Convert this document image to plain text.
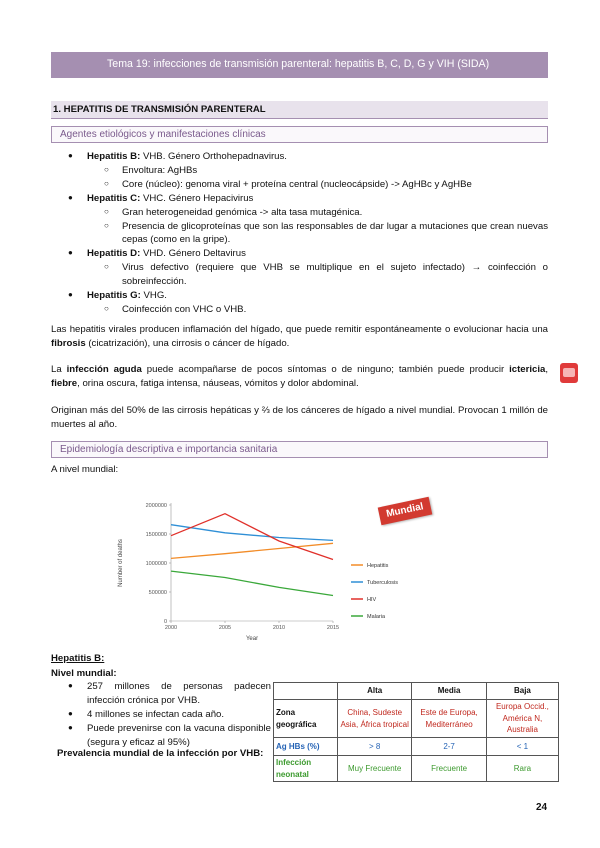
Tema 19: infecciones de transmisión parenteral: hepatitis B, C, D, G y VIH (SIDA)
1. HEPATITIS DE TRANSMISIÓN PARENTERAL
Agentes etiológicos y manifestaciones clínicas
● Hepatitis B: VHB. Género Orthohepadnavirus.
○ Envoltura: AgHBs
○ Core (núcleo): genoma viral + proteína central (nucleocápside) -> AgHBc y AgHBe
● Hepatitis C: VHC. Género Hepacivirus
○ Gran heterogeneidad genómica -> alta tasa mutagénica.
○ Presencia de glicoproteínas que son las responsables de dar lugar a mutaciones que crean nuevas cepas (como en la gripe).
● Hepatitis D: VHD. Género Deltavirus
○ Virus defectivo (requiere que VHB se multiplique en el sujeto infectado) → coinfección o sobreinfección.
● Hepatitis G: VHG.
○ Coinfección con VHC o VHB.

Las hepatitis virales producen inflamación del hígado, que puede remitir espontáneamente o evolucionar hacia una fibrosis (cicatrización), una cirrosis o cáncer de hígado.

La infección aguda puede acompañarse de pocos síntomas o de ninguno; también puede producir ictericia, fiebre, orina oscura, fatiga intensa, náuseas, vómitos y dolor abdominal.

Originan más del 50% de las cirrosis hepáticas y ⅔ de los cánceres de hígado a nivel mundial. Provocan 1 millón de muertes al año.

Epidemiología descriptiva e importancia sanitaria
A nivel mundial:
0
500000
1000000
1500000
2000000
2000	2005	2010	2015
Year
Number of deaths	Hepatitis
Tuberculosis
HIV
Malaria
Mundial
Hepatitis B:
Nivel mundial:
● 257 millones de personas padecen infección crónica por VHB.
● 4 millones se infectan cada año.
● Puede prevenirse con la vacuna disponible (segura y eficaz al 95%)
Prevalencia mundial de la infección por VHB:
	Alta	Media	Baja
Zona geográfica	China, Sudeste Asia, África tropical	Este de Europa, Mediterráneo	Europa Occid., América N, Australia
Ag HBs (%)	> 8	2-7	< 1
Infección neonatal	Muy Frecuente	Frecuente	Rara
24
